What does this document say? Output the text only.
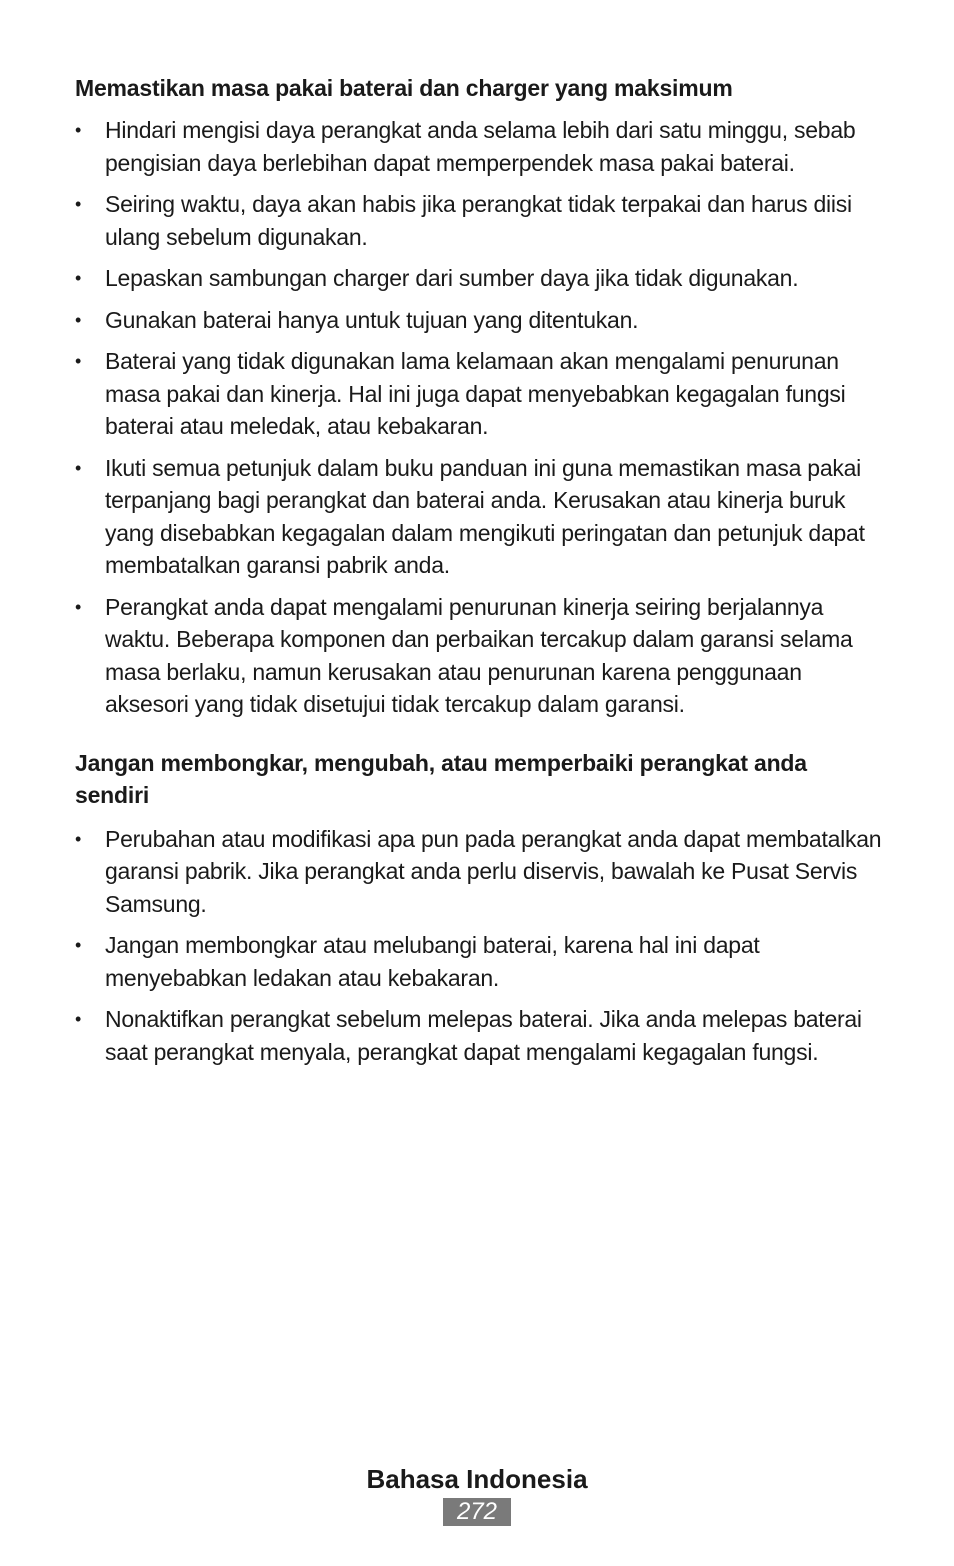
Memastikan masa pakai baterai dan charger yang maksimum
• Hindari mengisi daya perangkat anda selama lebih dari satu minggu, sebab pengisian daya berlebihan dapat memperpendek masa pakai baterai.
• Seiring waktu, daya akan habis jika perangkat tidak terpakai dan harus diisi ulang sebelum digunakan.
• Lepaskan sambungan charger dari sumber daya jika tidak digunakan.
• Gunakan baterai hanya untuk tujuan yang ditentukan.
• Baterai yang tidak digunakan lama kelamaan akan mengalami penurunan masa pakai dan kinerja. Hal ini juga dapat menyebabkan kegagalan fungsi baterai atau meledak, atau kebakaran.
• Ikuti semua petunjuk dalam buku panduan ini guna memastikan masa pakai terpanjang bagi perangkat dan baterai anda. Kerusakan atau kinerja buruk yang disebabkan kegagalan dalam mengikuti peringatan dan petunjuk dapat membatalkan garansi pabrik anda.
• Perangkat anda dapat mengalami penurunan kinerja seiring berjalannya waktu. Beberapa komponen dan perbaikan tercakup dalam garansi selama masa berlaku, namun kerusakan atau penurunan karena penggunaan aksesori yang tidak disetujui tidak tercakup dalam garansi.
Jangan membongkar, mengubah, atau memperbaiki perangkat anda sendiri
• Perubahan atau modifikasi apa pun pada perangkat anda dapat membatalkan garansi pabrik. Jika perangkat anda perlu diservis, bawalah ke Pusat Servis Samsung.
• Jangan membongkar atau melubangi baterai, karena hal ini dapat menyebabkan ledakan atau kebakaran.
• Nonaktifkan perangkat sebelum melepas baterai. Jika anda melepas baterai saat perangkat menyala, perangkat dapat mengalami kegagalan fungsi.
Bahasa Indonesia
272
